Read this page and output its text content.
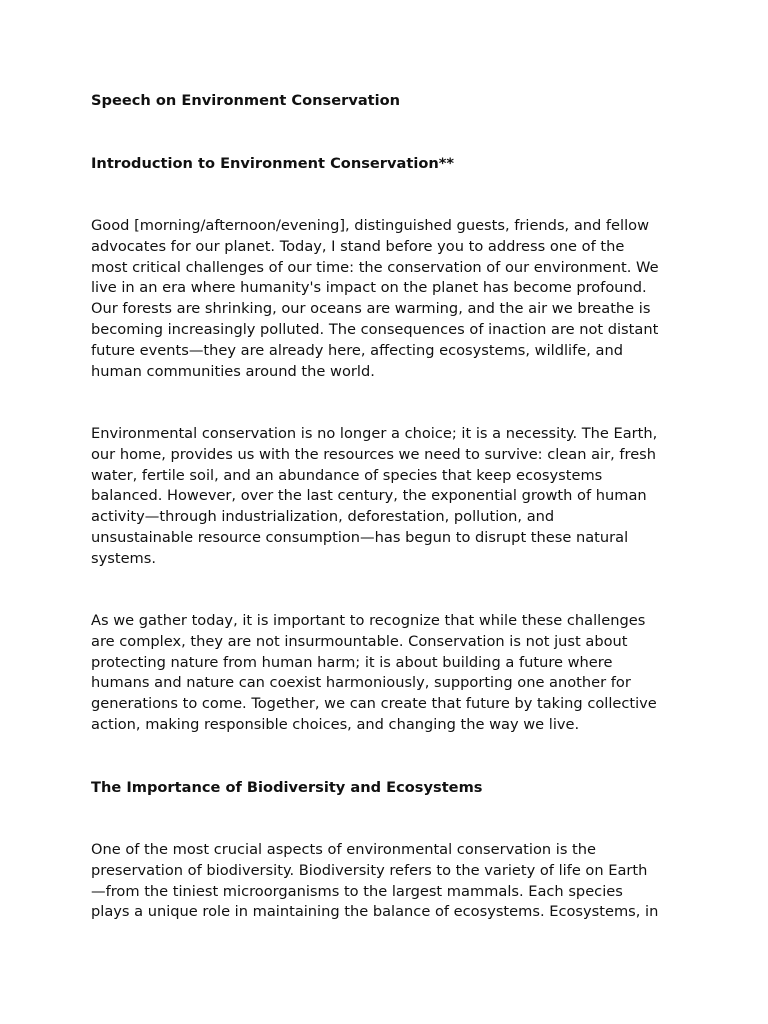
Speech on Environment Conservation
Introduction to Environment Conservation**
Good [morning/afternoon/evening], distinguished guests, friends, and fellow
advocates for our planet. Today, I stand before you to address one of the
most critical challenges of our time: the conservation of our environment. We
live in an era where humanity's impact on the planet has become profound.
Our forests are shrinking, our oceans are warming, and the air we breathe is
becoming increasingly polluted. The consequences of inaction are not distant
future events—they are already here, affecting ecosystems, wildlife, and
human communities around the world.
Environmental conservation is no longer a choice; it is a necessity. The Earth,
our home, provides us with the resources we need to survive: clean air, fresh
water, fertile soil, and an abundance of species that keep ecosystems
balanced. However, over the last century, the exponential growth of human
activity—through industrialization, deforestation, pollution, and
unsustainable resource consumption—has begun to disrupt these natural
systems.
As we gather today, it is important to recognize that while these challenges
are complex, they are not insurmountable. Conservation is not just about
protecting nature from human harm; it is about building a future where
humans and nature can coexist harmoniously, supporting one another for
generations to come. Together, we can create that future by taking collective
action, making responsible choices, and changing the way we live.
The Importance of Biodiversity and Ecosystems
One of the most crucial aspects of environmental conservation is the
preservation of biodiversity. Biodiversity refers to the variety of life on Earth
—from the tiniest microorganisms to the largest mammals. Each species
plays a unique role in maintaining the balance of ecosystems. Ecosystems, in
